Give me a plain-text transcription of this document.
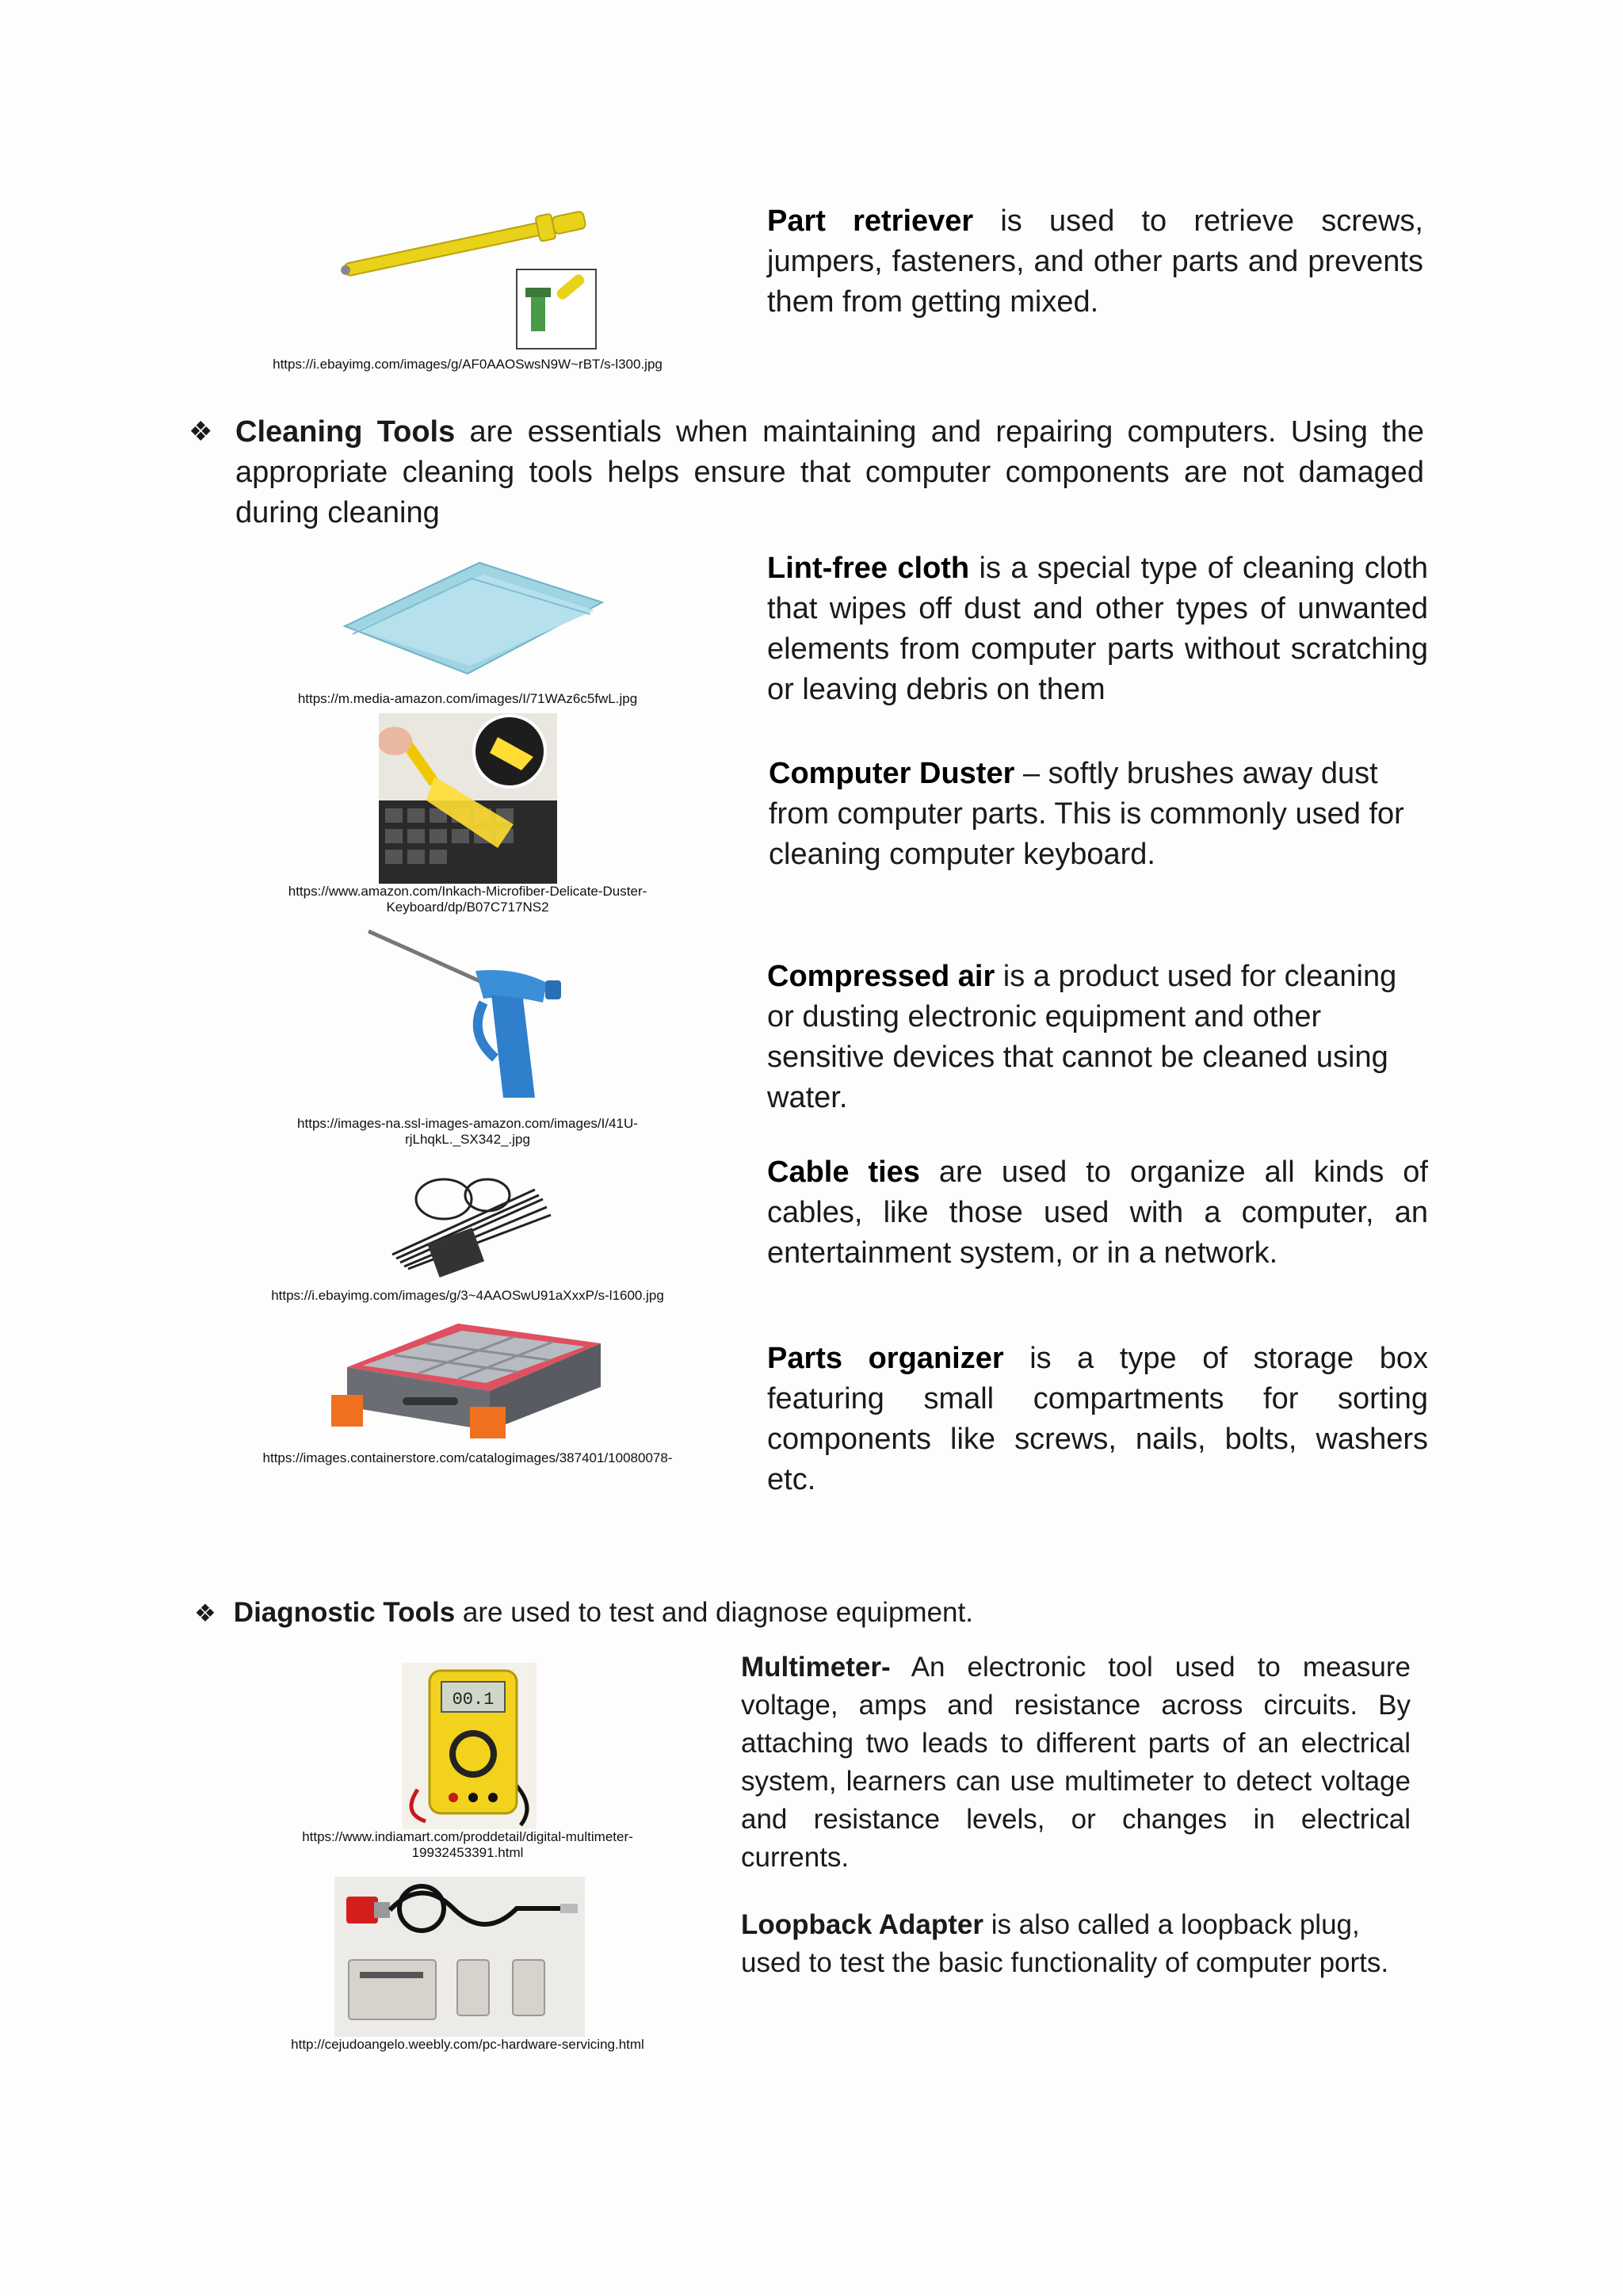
https://i.ebayimg.com/images/g/AF0AAOSwsN9W~rBT/s-l300.jpg
Part retriever is used to retrieve screws, jumpers, fasteners, and other parts and prevents them from getting mixed.
❖ Cleaning Tools are essentials when maintaining and repairing computers. Using the appropriate cleaning tools helps ensure that computer components are not damaged during cleaning
https://m.media-amazon.com/images/I/71WAz6c5fwL.jpg
Lint-free cloth is a special type of cleaning cloth that wipes off dust and other types of unwanted elements from computer parts without scratching or leaving debris on them
https://www.amazon.com/Inkach-Microfiber-Delicate-Duster-Keyboard/dp/B07C717NS2
Computer Duster – softly brushes away dust from computer parts. This is commonly used for cleaning computer keyboard.
https://images-na.ssl-images-amazon.com/images/I/41U-rjLhqkL._SX342_.jpg
Compressed air is a product used for cleaning or dusting electronic equipment and other sensitive devices that cannot be cleaned using water.
https://i.ebayimg.com/images/g/3~4AAOSwU91aXxxP/s-l1600.jpg
Cable ties are used to organize all kinds of cables, like those used with a computer, an entertainment system, or in a network.
https://images.containerstore.com/catalogimages/387401/10080078-
Parts organizer is a type of storage box featuring small compartments for sorting components like screws, nails, bolts, washers etc.
❖ Diagnostic Tools are used to test and diagnose equipment.
00.1
https://www.indiamart.com/proddetail/digital-multimeter-19932453391.html
Multimeter- An electronic tool used to measure voltage, amps and resistance across circuits. By attaching two leads to different parts of an electrical system, learners can use multimeter to detect voltage and resistance levels, or changes in electrical currents.
http://cejudoangelo.weebly.com/pc-hardware-servicing.html
Loopback Adapter is also called a loopback plug, used to test the basic functionality of computer ports.
